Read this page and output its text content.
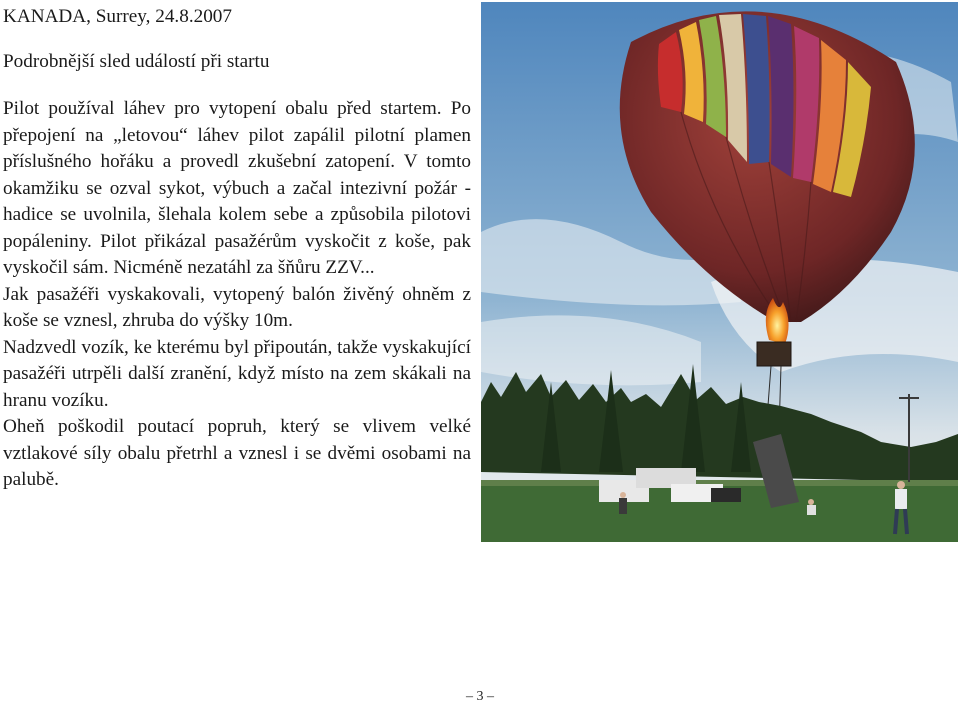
KANADA, Surrey, 24.8.2007

Podrobnější sled událostí při startu

Pilot používal láhev pro vytopení obalu před startem. Po přepojení na „letovou“ láhev pilot zapálil pilotní plamen příslušného hořáku a provedl zkušební zatopení. V tomto okamžiku se ozval sykot, výbuch a začal intezivní požár - hadice se uvolnila, šlehala kolem sebe a způsobila pilotovi popáleniny. Pilot přikázal pasažérům vyskočit z koše, pak vyskočil sám. Nicméně nezatáhl za šňůru ZZV...

Jak pasažéři vyskakovali, vytopený balón živěný ohněm z koše se vznesl, zhruba do výšky 10m.

Nadzvedl vozík, ke kterému byl připoután, takže vyskakující pasažéři utrpěli další zranění, když místo na zem skákali na hranu vozíku.

Oheň poškodil poutací popruh, který se vlivem velké vztlakové síly obalu přetrhl a vznesl i se dvěmi osobami na palubě.

– 3 –
